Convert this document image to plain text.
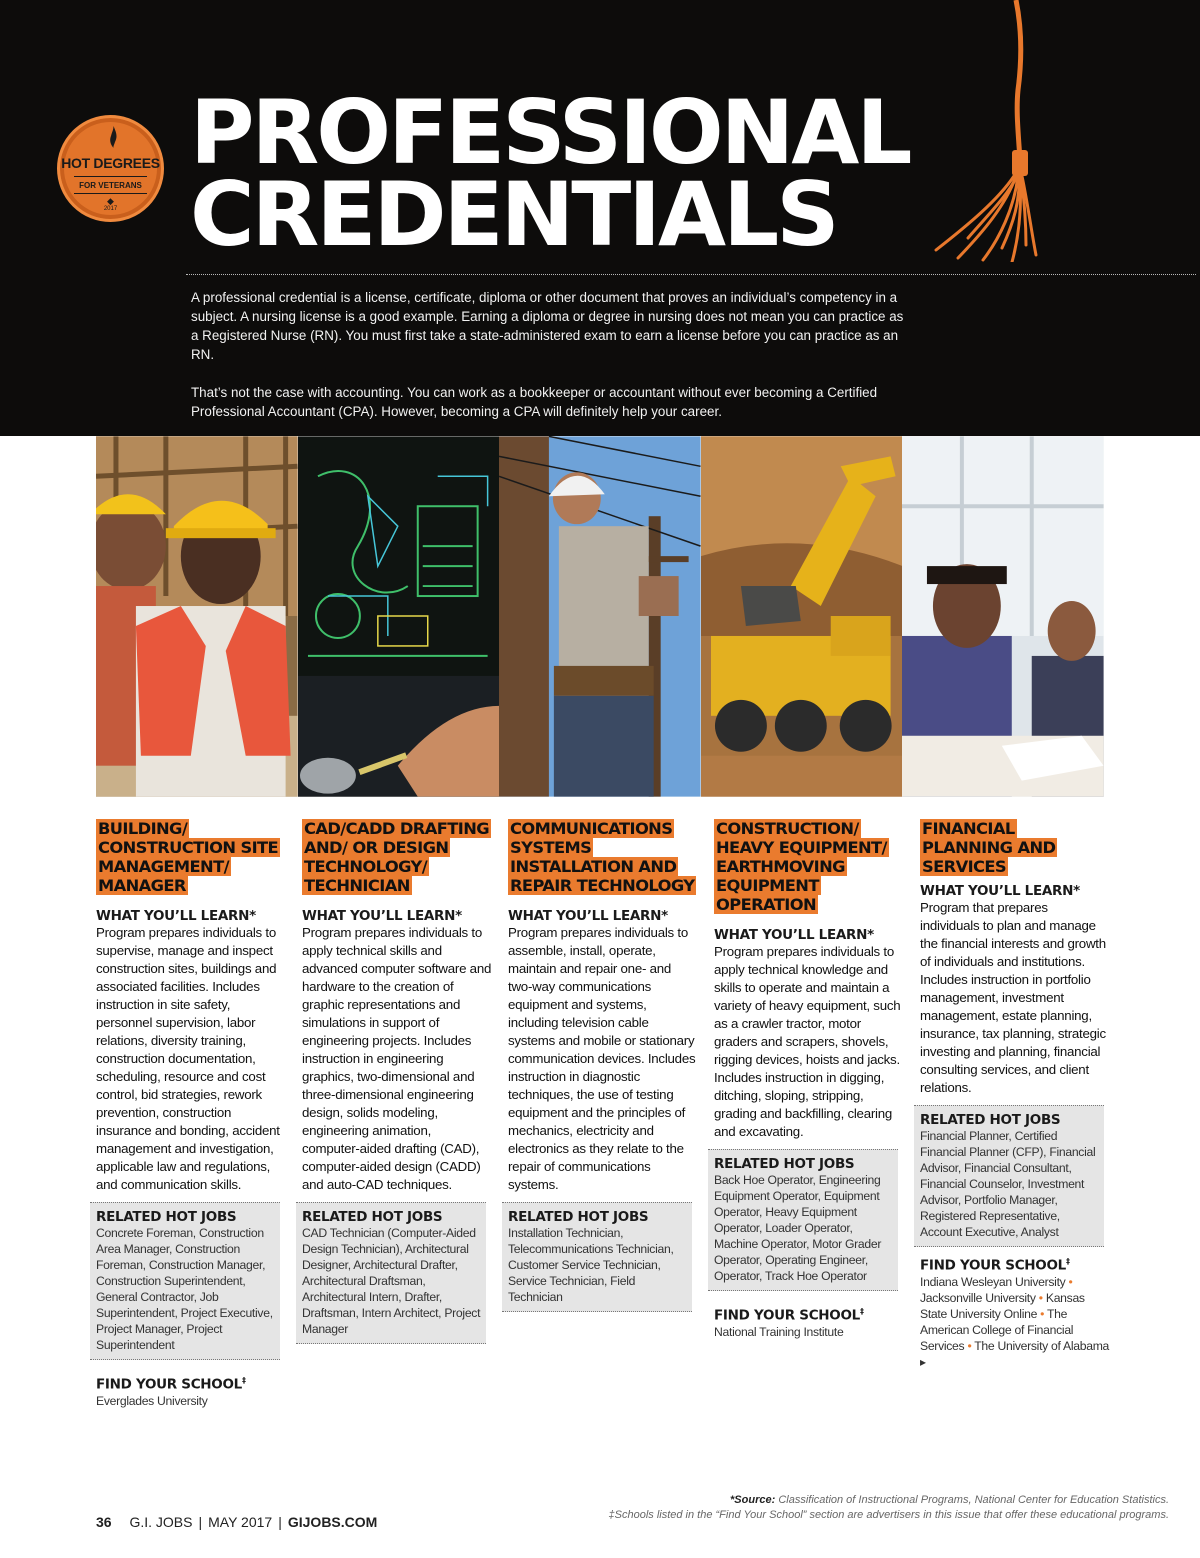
HOT DEGREES
FOR VETERANS
◆
2017
PROFESSIONAL
CREDENTIALS

A professional credential is a license, certificate, diploma or other document that proves an individual’s competency in a subject. A nursing license is a good example. Earning a diploma or degree in nursing does not mean you can practice as a Registered Nurse (RN). You must first take a state-administered exam to earn a license before you can practice as an RN.

That’s not the case with accounting. You can work as a bookkeeper or accountant without ever becoming a Certified Professional Accountant (CPA). However, becoming a CPA will definitely help your career.

BUILDING/ CONSTRUCTION SITE MANAGEMENT/ MANAGER
WHAT YOU’LL LEARN*
Program prepares individuals to supervise, manage and inspect construction sites, buildings and associated facilities. Includes instruction in site safety, personnel supervision, labor relations, diversity training, construction documentation, scheduling, resource and cost control, bid strategies, rework prevention, construction insurance and bonding, accident management and investigation, applicable law and regulations, and communication skills.
RELATED HOT JOBS
Concrete Foreman, Construction Area Manager, Construction Foreman, Construction Manager, Construction Superintendent, General Contractor, Job Superintendent, Project Executive, Project Manager, Project Superintendent
FIND YOUR SCHOOL‡
Everglades University
CAD/CADD DRAFTING AND/ OR DESIGN TECHNOLOGY/ TECHNICIAN
WHAT YOU’LL LEARN*
Program prepares individuals to apply technical skills and advanced computer software and hardware to the creation of graphic representations and simulations in support of engineering projects. Includes instruction in engineering graphics, two-dimensional and three-dimensional engineering design, solids modeling, engineering animation, computer-aided drafting (CAD), computer-aided design (CADD) and auto-CAD techniques.
RELATED HOT JOBS
CAD Technician (Computer-Aided Design Technician), Architectural Designer, Architectural Drafter, Architectural Draftsman, Architectural Intern, Drafter, Draftsman, Intern Architect, Project Manager
COMMUNICATIONS SYSTEMS INSTALLATION AND REPAIR TECHNOLOGY
WHAT YOU’LL LEARN*
Program prepares individuals to assemble, install, operate, maintain and repair one- and two-way communications equipment and systems, including television cable systems and mobile or stationary communication devices. Includes instruction in diagnostic techniques, the use of testing equipment and the principles of mechanics, electricity and electronics as they relate to the repair of communications systems.
RELATED HOT JOBS
Installation Technician, Telecommunications Technician, Customer Service Technician, Service Technician, Field Technician
CONSTRUCTION/ HEAVY EQUIPMENT/ EARTHMOVING EQUIPMENT OPERATION
WHAT YOU’LL LEARN*
Program prepares individuals to apply technical knowledge and skills to operate and maintain a variety of heavy equipment, such as a crawler tractor, motor graders and scrapers, shovels, rigging devices, hoists and jacks. Includes instruction in digging, ditching, sloping, stripping, grading and backfilling, clearing and excavating.
RELATED HOT JOBS
Back Hoe Operator, Engineering Equipment Operator, Equipment Operator, Heavy Equipment Operator, Loader Operator, Machine Operator, Motor Grader Operator, Operating Engineer, Operator, Track Hoe Operator
FIND YOUR SCHOOL‡
National Training Institute
FINANCIAL PLANNING AND SERVICES
WHAT YOU’LL LEARN*
Program that prepares individuals to plan and manage the financial interests and growth of individuals and institutions. Includes instruction in portfolio management, investment management, estate planning, insurance, tax planning, strategic investing and planning, financial consulting services, and client relations.
RELATED HOT JOBS
Financial Planner, Certified Financial Planner (CFP), Financial Advisor, Financial Consultant, Financial Counselor, Investment Advisor, Portfolio Manager, Registered Representative, Account Executive, Analyst
FIND YOUR SCHOOL‡
Indiana Wesleyan University • Jacksonville University • Kansas State University Online • The American College of Financial Services • The University of Alabama ▸
*Source: Classification of Instructional Programs, National Center for Education Statistics.
‡Schools listed in the “Find Your School” section are advertisers in this issue that offer these educational programs.
36 G.I. JOBS | MAY 2017 | GIJOBS.COM
